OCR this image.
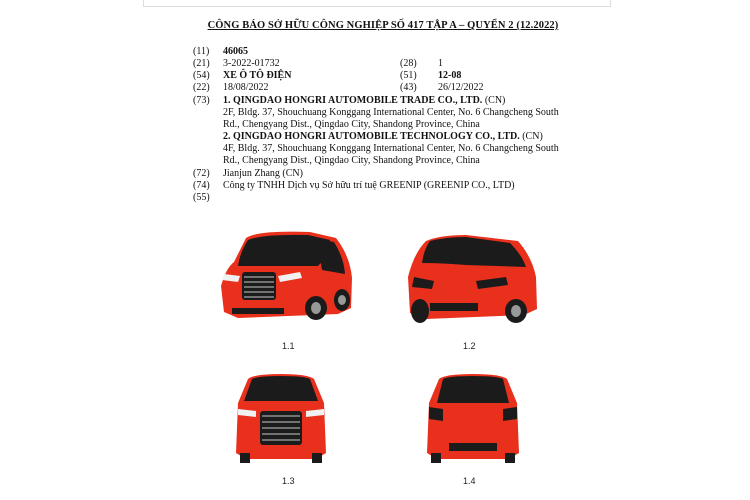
CÔNG BÁO SỞ HỮU CÔNG NGHIỆP SỐ 417 TẬP A – QUYỂN 2 (12.2022)
(11) 46065
(21) 3-2022-01732	(28) 1
(54) XE Ô TÔ ĐIỆN	(51) 12-08
(22) 18/08/2022	(43) 26/12/2022
(73) 1. QINGDAO HONGRI AUTOMOBILE TRADE CO., LTD. (CN)
2F, Bldg. 37, Shouchuang Konggang International Center, No. 6 Changcheng South Rd., Chengyang Dist., Qingdao City, Shandong Province, China
2. QINGDAO HONGRI AUTOMOBILE TECHNOLOGY CO., LTD. (CN)
4F, Bldg. 37, Shouchuang Konggang International Center, No. 6 Changcheng South Rd., Chengyang Dist., Qingdao City, Shandong Province, China
(72) Jianjun Zhang (CN)
(74) Công ty TNHH Dịch vụ Sở hữu trí tuệ GREENIP (GREENIP CO., LTD)
(55)
1.1	1.2
1.3	1.4
